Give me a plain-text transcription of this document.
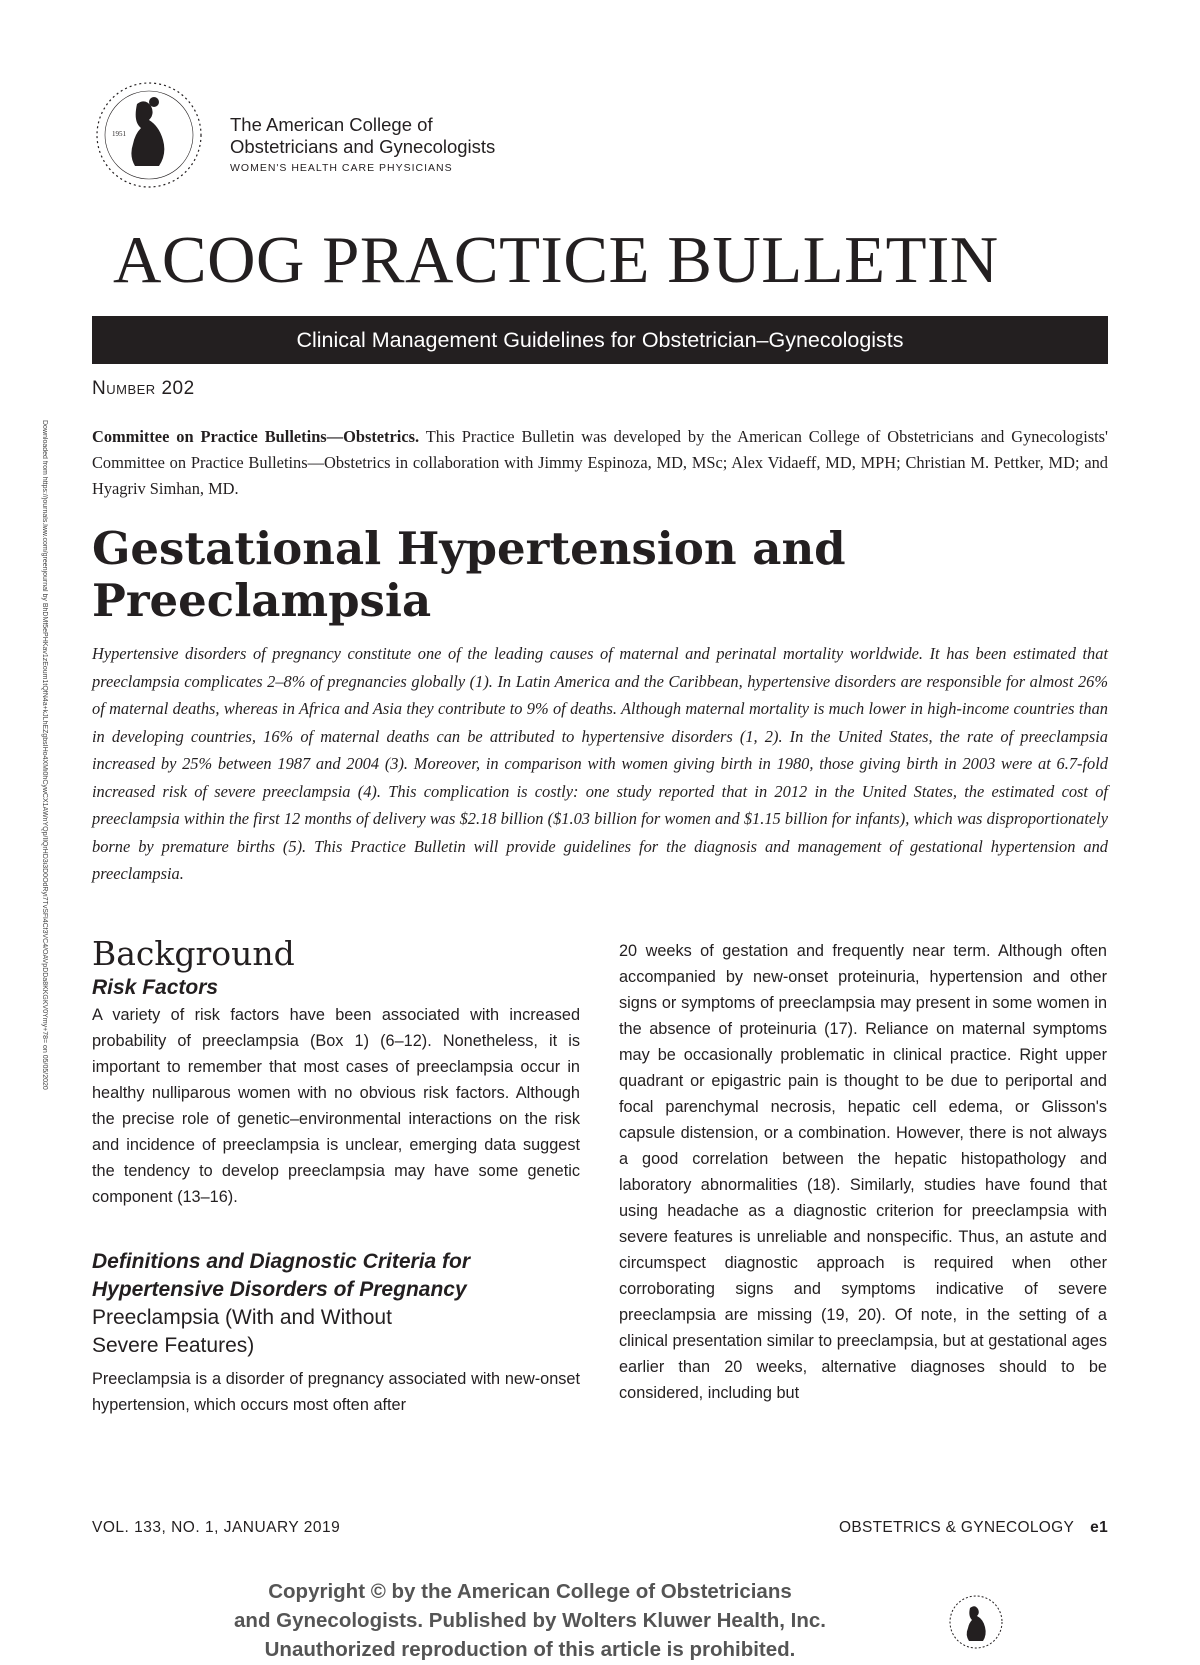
1951	The American College of
Obstetricians and Gynecologists
WOMEN'S HEALTH CARE PHYSICIANS
ACOG PRACTICE BULLETIN
Clinical Management Guidelines for Obstetrician–Gynecologists
Number 202
Committee on Practice Bulletins—Obstetrics. This Practice Bulletin was developed by the American College of Obstetricians and Gynecologists' Committee on Practice Bulletins—Obstetrics in collaboration with Jimmy Espinoza, MD, MSc; Alex Vidaeff, MD, MPH; Christian M. Pettker, MD; and Hyagriv Simhan, MD.
Gestational Hypertension and
Preeclampsia
Hypertensive disorders of pregnancy constitute one of the leading causes of maternal and perinatal mortality worldwide. It has been estimated that preeclampsia complicates 2–8% of pregnancies globally (1). In Latin America and the Caribbean, hypertensive disorders are responsible for almost 26% of maternal deaths, whereas in Africa and Asia they contribute to 9% of deaths. Although maternal mortality is much lower in high-income countries than in developing countries, 16% of maternal deaths can be attributed to hypertensive disorders (1, 2). In the United States, the rate of preeclampsia increased by 25% between 1987 and 2004 (3). Moreover, in comparison with women giving birth in 1980, those giving birth in 2003 were at 6.7-fold increased risk of severe preeclampsia (4). This complication is costly: one study reported that in 2012 in the United States, the estimated cost of preeclampsia within the first 12 months of delivery was $2.18 billion ($1.03 billion for women and $1.15 billion for infants), which was disproportionately borne by premature births (5). This Practice Bulletin will provide guidelines for the diagnosis and management of gestational hypertension and preeclampsia.
Background
Risk Factors

A variety of risk factors have been associated with increased probability of preeclampsia (Box 1) (6–12). Nonetheless, it is important to remember that most cases of preeclampsia occur in healthy nulliparous women with no obvious risk factors. Although the precise role of genetic–environmental interactions on the risk and incidence of preeclampsia is unclear, emerging data suggest the tendency to develop preeclampsia may have some genetic component (13–16).

Definitions and Diagnostic Criteria for
Hypertensive Disorders of Pregnancy
Preeclampsia (With and Without
Severe Features)

Preeclampsia is a disorder of pregnancy associated with new-onset hypertension, which occurs most often after

20 weeks of gestation and frequently near term. Although often accompanied by new-onset proteinuria, hypertension and other signs or symptoms of preeclampsia may present in some women in the absence of proteinuria (17). Reliance on maternal symptoms may be occasionally problematic in clinical practice. Right upper quadrant or epigastric pain is thought to be due to periportal and focal parenchymal necrosis, hepatic cell edema, or Glisson's capsule distension, or a combination. However, there is not always a good correlation between the hepatic histopathology and laboratory abnormalities (18). Similarly, studies have found that using headache as a diagnostic criterion for preeclampsia with severe features is unreliable and nonspecific. Thus, an astute and circumspect diagnostic approach is required when other corroborating signs and symptoms indicative of severe preeclampsia are missing (19, 20). Of note, in the setting of a clinical presentation similar to preeclampsia, but at gestational ages earlier than 20 weeks, alternative diagnoses should to be considered, including but

Downloaded from https://journals.lww.com/greenjournal by BhDMf5ePHKav1zEoum1tQfN4a+kJLhEZgbsIHo4XMi0hCywCX1AWnYQp/IlQrHD3i3D0OdRyi7TvSFl4Cf3VC4/OAVpDDa8KKGKV0Ymy+78= on 05/05/2020
VOL. 133, NO. 1, JANUARY 2019	OBSTETRICS & GYNECOLOGY e1
Copyright © by the American College of Obstetricians
and Gynecologists. Published by Wolters Kluwer Health, Inc.
Unauthorized reproduction of this article is prohibited.
